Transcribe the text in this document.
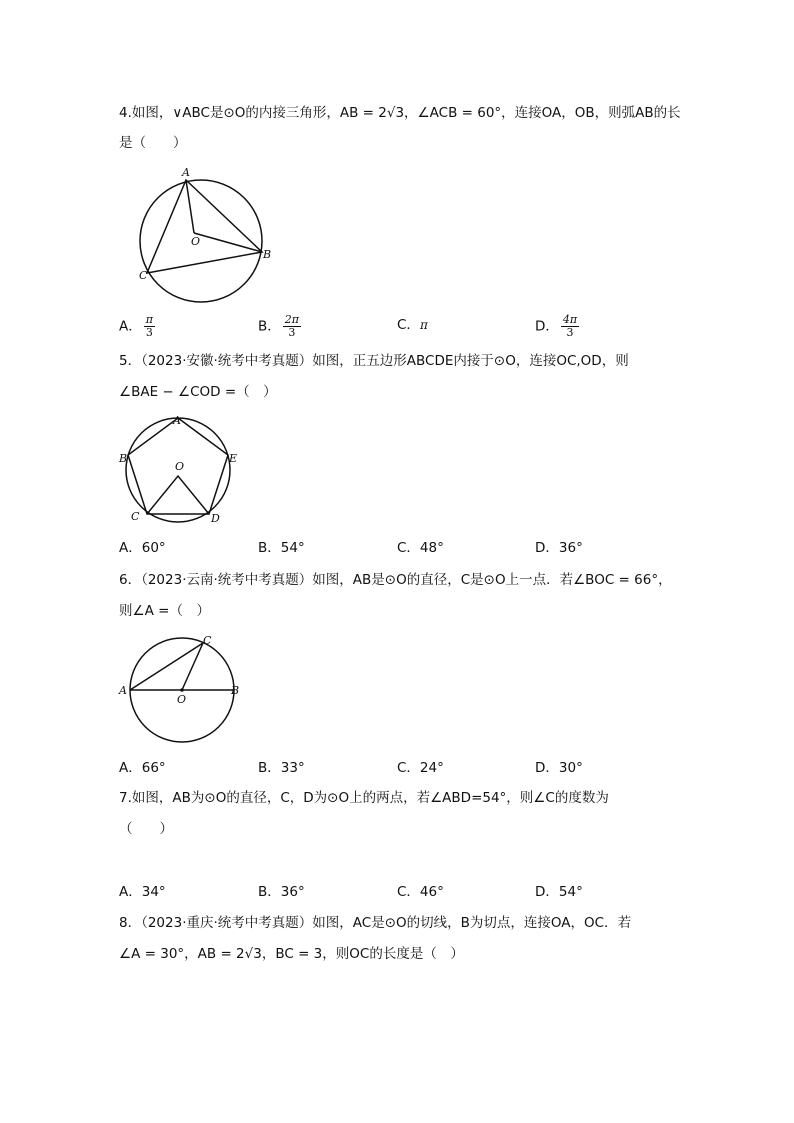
4.如图，∨ABC是⊙O的内接三角形，AB = 2√3，∠ACB = 60°，连接OA，OB，则弧AB的长
是（　　）
A
B
C
O
A． $\frac{\pi}{3}$	B． $\frac{2\pi}{3}$	C．π	D． $\frac{4\pi}{3}$
5．（2023·安徽·统考中考真题）如图，正五边形ABCDE内接于⊙O，连接OC,OD，则
∠BAE − ∠COD =（　）
A
B
C	D
E
O
A．60°	B．54°	C．48°	D．36°
6．（2023·云南·统考中考真题）如图，AB是⊙O的直径，C是⊙O上一点．若∠BOC = 66°，
则∠A =（　）
A	B
C
O
A．66°	B．33°	C．24°	D．30°
7.如图，AB为⊙O的直径，C，D为⊙O上的两点，若∠ABD=54°，则∠C的度数为
（　　）
A．34°	B．36°	C．46°	D．54°
8．（2023·重庆·统考中考真题）如图，AC是⊙O的切线，B为切点，连接OA，OC．若
∠A = 30°，AB = 2√3，BC = 3，则OC的长度是（　）
